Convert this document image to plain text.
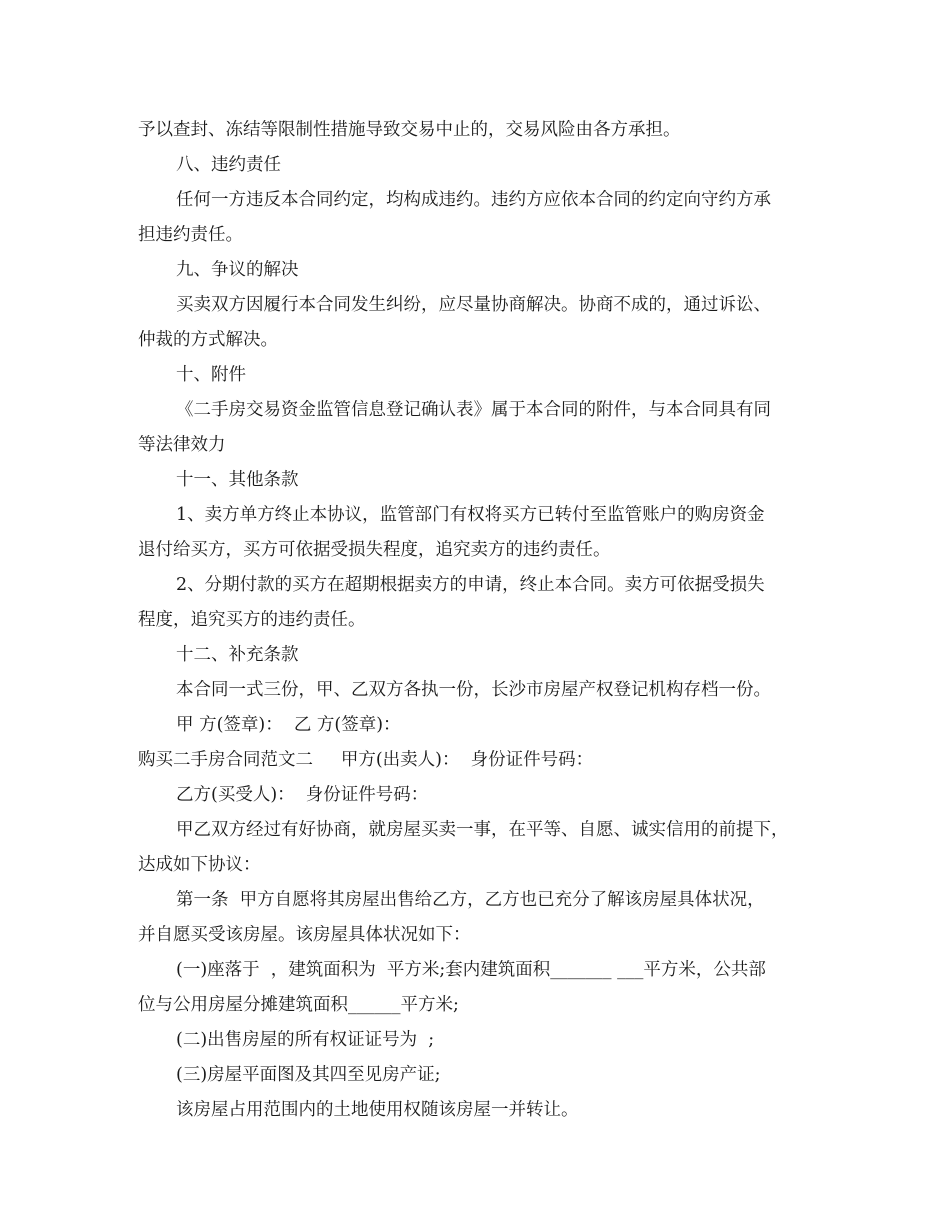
予以查封、冻结等限制性措施导致交易中止的，交易风险由各方承担。
八、违约责任
任何一方违反本合同约定，均构成违约。违约方应依本合同的约定向守约方承
担违约责任。
九、争议的解决
买卖双方因履行本合同发生纠纷，应尽量协商解决。协商不成的，通过诉讼、
仲裁的方式解决。
十、附件
《二手房交易资金监管信息登记确认表》属于本合同的附件，与本合同具有同
等法律效力
十一、其他条款
1、卖方单方终止本协议，监管部门有权将买方已转付至监管账户的购房资金
退付给买方，买方可依据受损失程度，追究卖方的违约责任。
2、分期付款的买方在超期根据卖方的申请，终止本合同。卖方可依据受损失
程度，追究买方的违约责任。
十二、补充条款
本合同一式三份，甲、乙双方各执一份，长沙市房屋产权登记机构存档一份。
甲 方(签章)：  乙 方(签章)：
购买二手房合同范文二     甲方(出卖人)：  身份证件号码：
乙方(买受人)：  身份证件号码：
甲乙双方经过有好协商，就房屋买卖一事，在平等、自愿、诚实信用的前提下，
达成如下协议：
第一条  甲方自愿将其房屋出售给乙方，乙方也已充分了解该房屋具体状况，
并自愿买受该房屋。该房屋具体状况如下：
(一)座落于  ，建筑面积为  平方米;套内建筑面积_______ ___平方米，公共部
位与公用房屋分摊建筑面积______平方米;
(二)出售房屋的所有权证证号为  ;
(三)房屋平面图及其四至见房产证;
该房屋占用范围内的土地使用权随该房屋一并转让。
